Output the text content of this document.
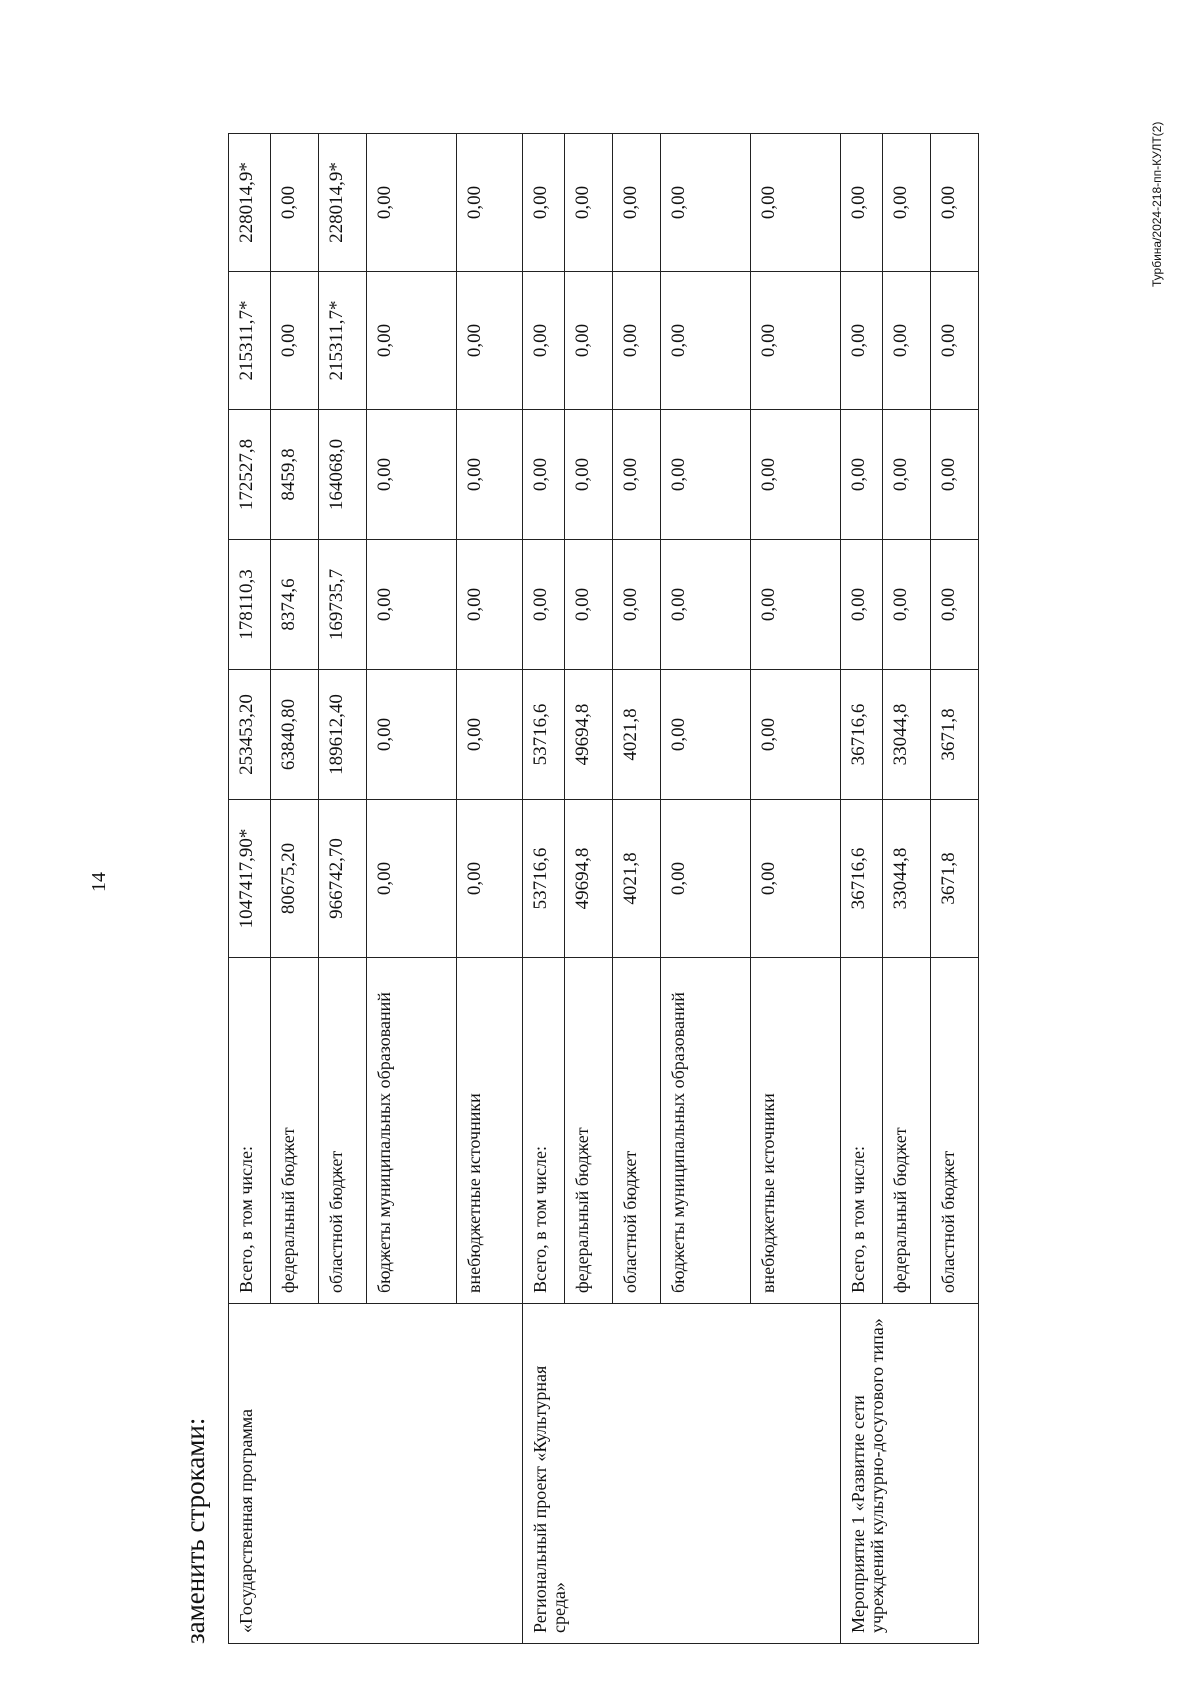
14
заменить строками: «Государственная программа	Всего, в том числе:	1047417,90*	253453,20	178110,3	172527,8	215311,7*	228014,9*
	федеральный бюджет	80675,20	63840,80	8374,6	8459,8	0,00	0,00
	областной бюджет	966742,70	189612,40	169735,7	164068,0	215311,7*	228014,9*
	бюджеты муниципальных образований	0,00	0,00	0,00	0,00	0,00	0,00
	внебюджетные источники	0,00	0,00	0,00	0,00	0,00	0,00
Региональный проект «Культурная среда»	Всего, в том числе:	53716,6	53716,6	0,00	0,00	0,00	0,00
	федеральный бюджет	49694,8	49694,8	0,00	0,00	0,00	0,00
	областной бюджет	4021,8	4021,8	0,00	0,00	0,00	0,00
	бюджеты муниципальных образований	0,00	0,00	0,00	0,00	0,00	0,00
	внебюджетные источники	0,00	0,00	0,00	0,00	0,00	0,00
Мероприятие 1 «Развитие сети учреждений культурно-досугового типа»	Всего, в том числе:	36716,6	36716,6	0,00	0,00	0,00	0,00
	федеральный бюджет	33044,8	33044,8	0,00	0,00	0,00	0,00
	областной бюджет	3671,8	3671,8	0,00	0,00	0,00	0,00	Турбина/2024-218-пп-КУЛТ(2)
